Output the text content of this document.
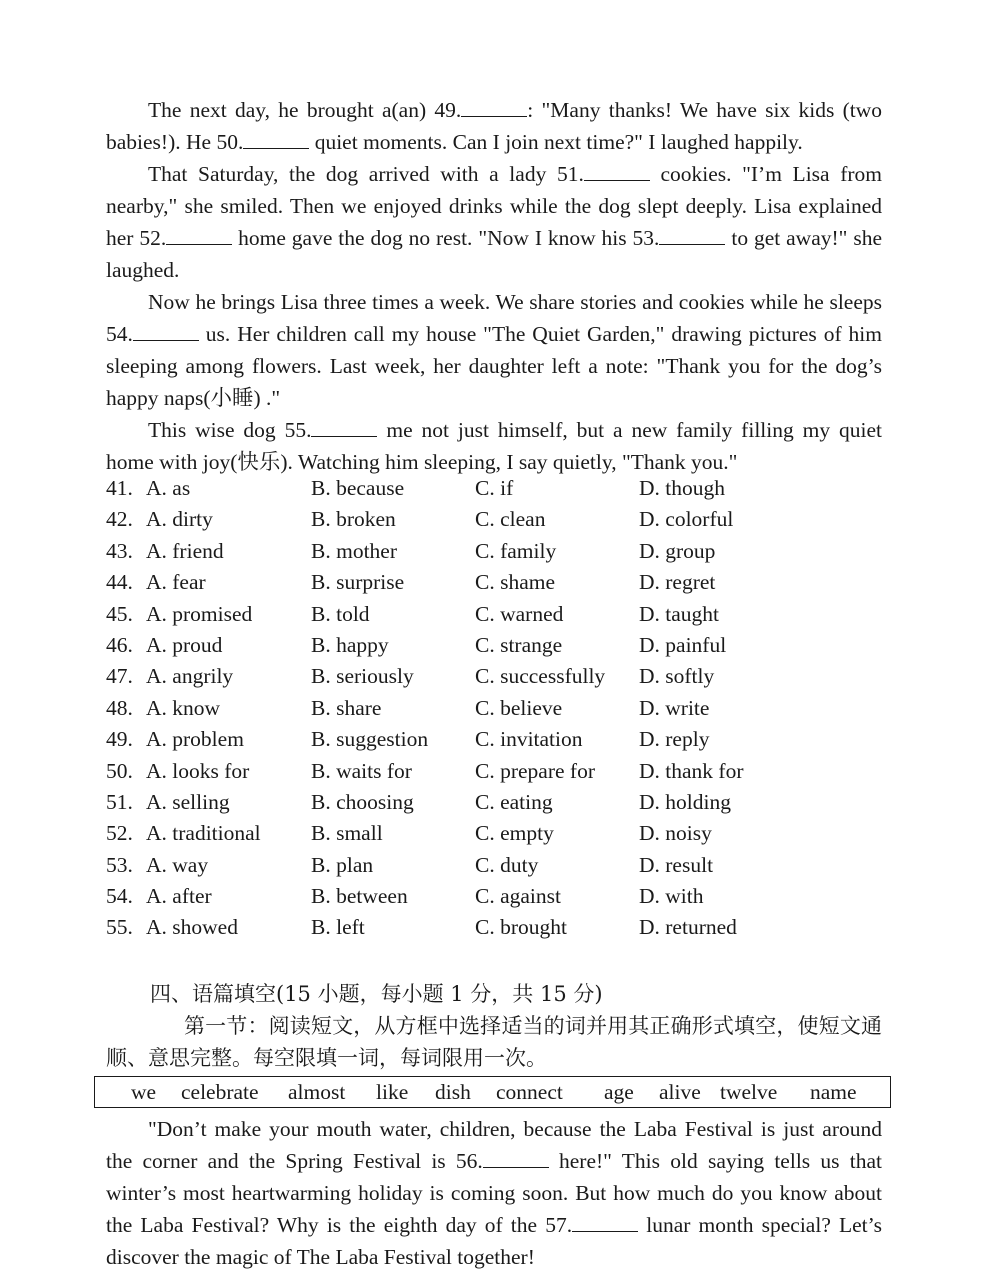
The next day, he brought a(an) 49.	: "Many thanks! We have six kids (two babies!). He 50.	quiet moments. Can I join next time?" I laughed happily.

That Saturday, the dog arrived with a lady 51.	cookies. "I’m Lisa from nearby," she smiled. Then we enjoyed drinks while the dog slept deeply. Lisa explained her 52.	home gave the dog no rest. "Now I know his 53.	to get away!" she laughed.

Now he brings Lisa three times a week. We share stories and cookies while he sleeps 54.	us. Her children call my house "The Quiet Garden," drawing pictures of him sleeping among flowers. Last week, her daughter left a note: "Thank you for the dog’s happy naps(小睡) ."

This wise dog 55.	me not just himself, but a new family filling my quiet home with joy(快乐). Watching him sleeping, I say quietly, "Thank you."

41. A. as	B. because	C. if	D. though
42. A. dirty	B. broken	C. clean	D. colorful
43. A. friend	B. mother	C. family	D. group
44. A. fear	B. surprise	C. shame	D. regret
45. A. promised	B. told	C. warned	D. taught
46. A. proud	B. happy	C. strange	D. painful
47. A. angrily	B. seriously	C. successfully D. softly
48. A. know	B. share	C. believe	D. write
49. A. problem	B. suggestion C. invitation	D. reply
50. A. looks for	B. waits for	C. prepare for D. thank for
51. A. selling	B. choosing	C. eating	D. holding
52. A. traditional B. small	C. empty	D. noisy
53. A. way	B. plan	C. duty	D. result
54. A. after	B. between	C. against	D. with
55. A. showed	B. left	C. brought	D. returned
四、语篇填空(15 小题，每小题 1 分，共 15 分)
第一节：阅读短文，从方框中选择适当的词并用其正确形式填空，使短文通顺、意思完整。每空限填一词，每词限用一次。
we celebrate almost like dish connect age alive twelve name

"Don’t make your mouth water, children, because the Laba Festival is just around the corner and the Spring Festival is 56.	here!" This old saying tells us that winter’s most heartwarming holiday is coming soon. But how much do you know about the Laba Festival? Why is the eighth day of the 57.	lunar month special? Let’s discover the magic of The Laba Festival together!
